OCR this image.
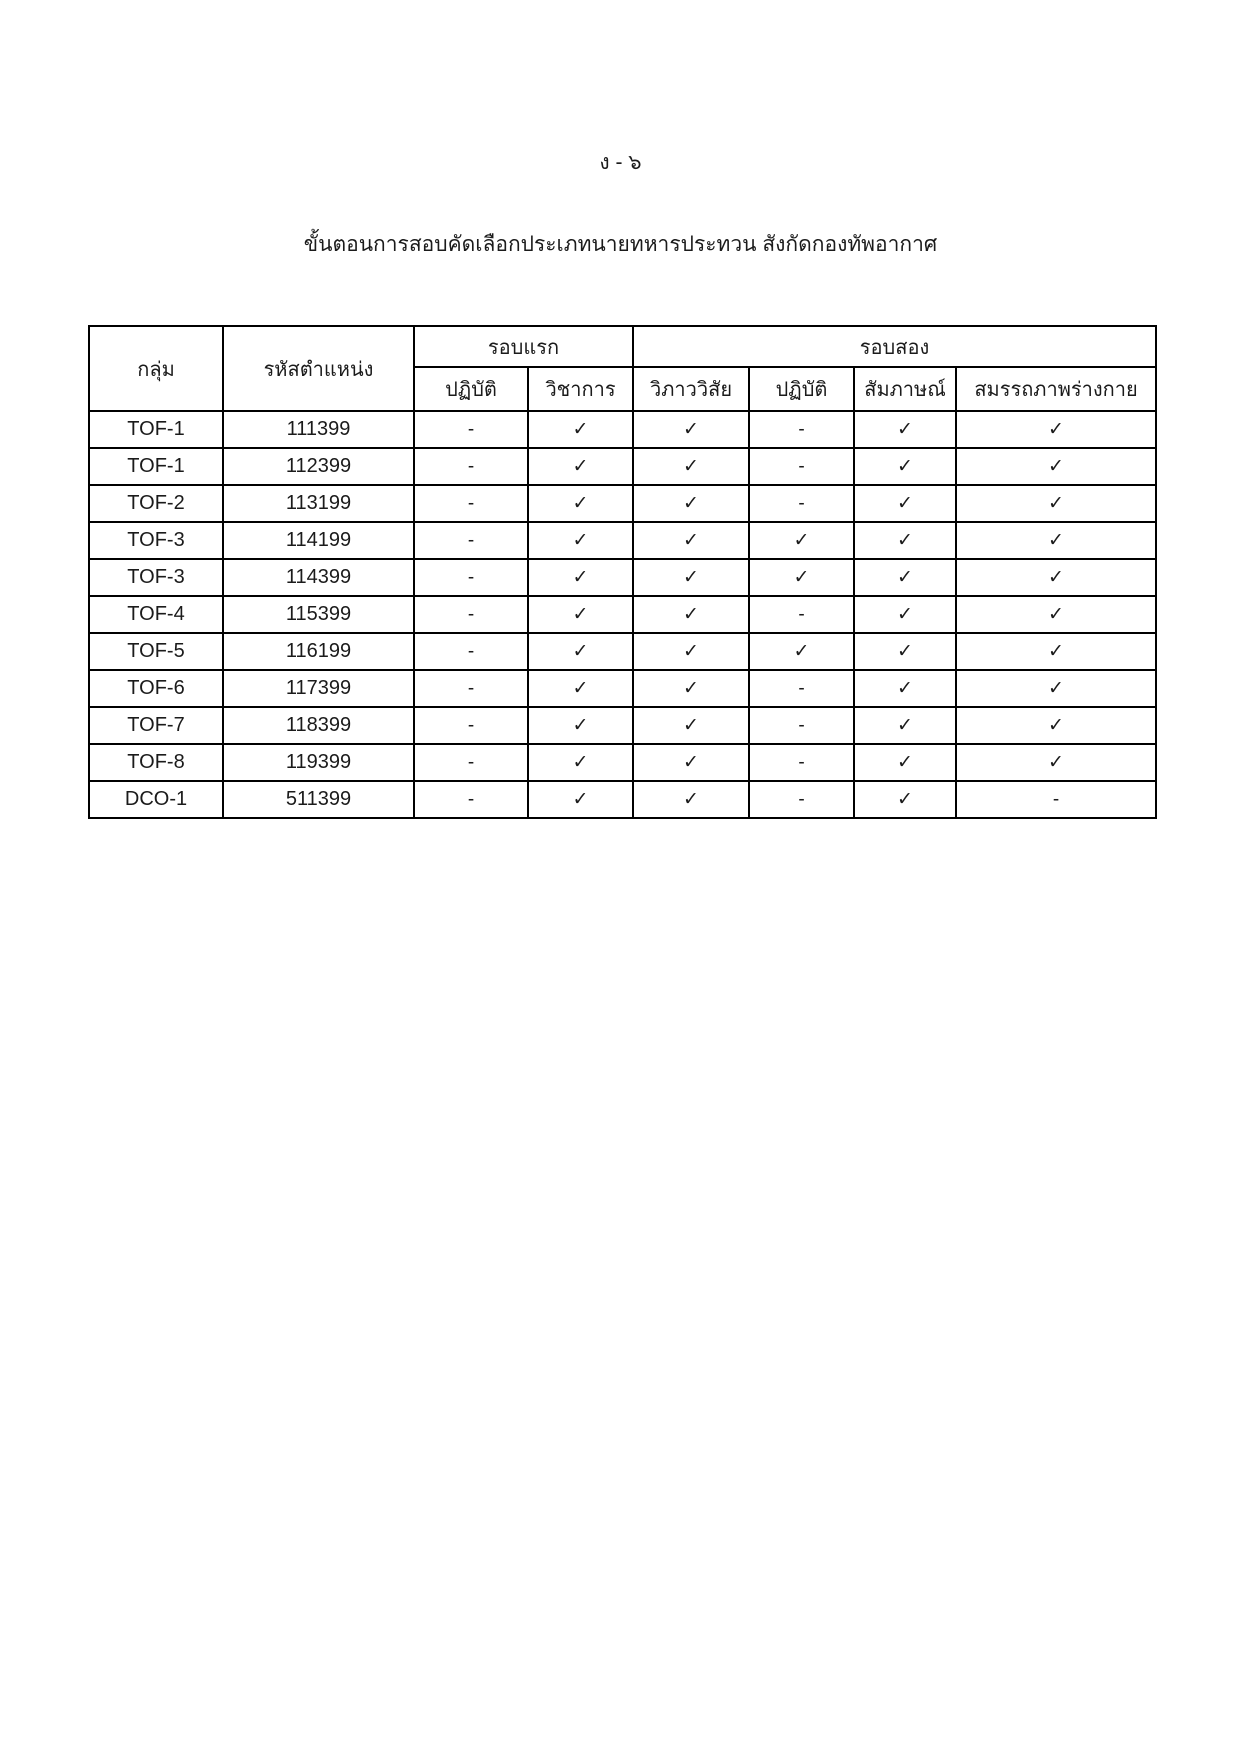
ง - ๖
ขั้นตอนการสอบคัดเลือกประเภทนายทหารประทวน สังกัดกองทัพอากาศ
กลุ่ม	รหัสตำแหน่ง	รอบแรก		รอบสอง			
		ปฏิบัติ	วิชาการ	วิภาววิสัย	ปฏิบัติ	สัมภาษณ์	สมรรถภาพร่างกาย
TOF-1	111399	-	✓	✓	-	✓	✓
TOF-1	112399	-	✓	✓	-	✓	✓
TOF-2	113199	-	✓	✓	-	✓	✓
TOF-3	114199	-	✓	✓	✓	✓	✓
TOF-3	114399	-	✓	✓	✓	✓	✓
TOF-4	115399	-	✓	✓	-	✓	✓
TOF-5	116199	-	✓	✓	✓	✓	✓
TOF-6	117399	-	✓	✓	-	✓	✓
TOF-7	118399	-	✓	✓	-	✓	✓
TOF-8	119399	-	✓	✓	-	✓	✓
DCO-1	511399	-	✓	✓	-	✓	-
